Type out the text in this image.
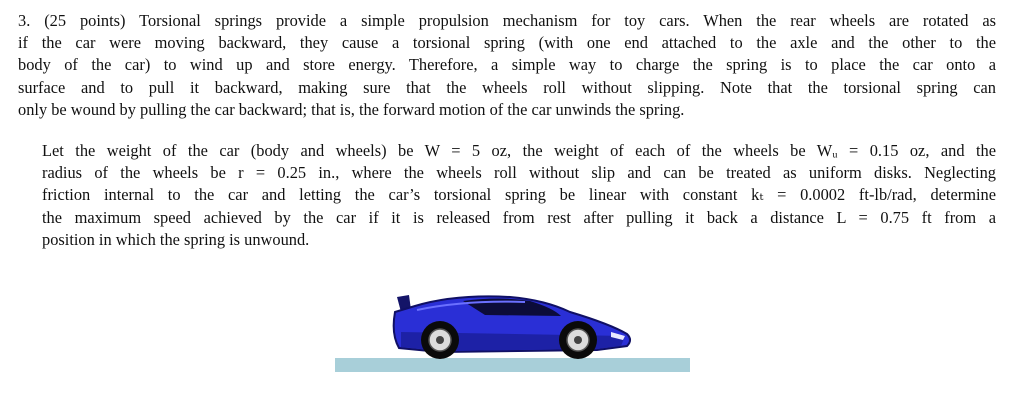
3. (25 points) Torsional springs provide a simple propulsion mechanism for toy cars. When the rear wheels are rotated as
if the car were moving backward, they cause a torsional spring (with one end attached to the axle and the other to the
body of the car) to wind up and store energy. Therefore, a simple way to charge the spring is to place the car onto a
surface and to pull it backward, making sure that the wheels roll without slipping. Note that the torsional spring can
only be wound by pulling the car backward; that is, the forward motion of the car unwinds the spring.

Let the weight of the car (body and wheels) be W = 5 oz, the weight of each of the wheels be Wᵤ = 0.15 oz, and the
radius of the wheels be r = 0.25 in., where the wheels roll without slip and can be treated as uniform disks. Neglecting
friction internal to the car and letting the car’s torsional spring be linear with constant kₜ = 0.0002 ft-lb/rad, determine
the maximum speed achieved by the car if it is released from rest after pulling it back a distance L = 0.75 ft from a
position in which the spring is unwound.
